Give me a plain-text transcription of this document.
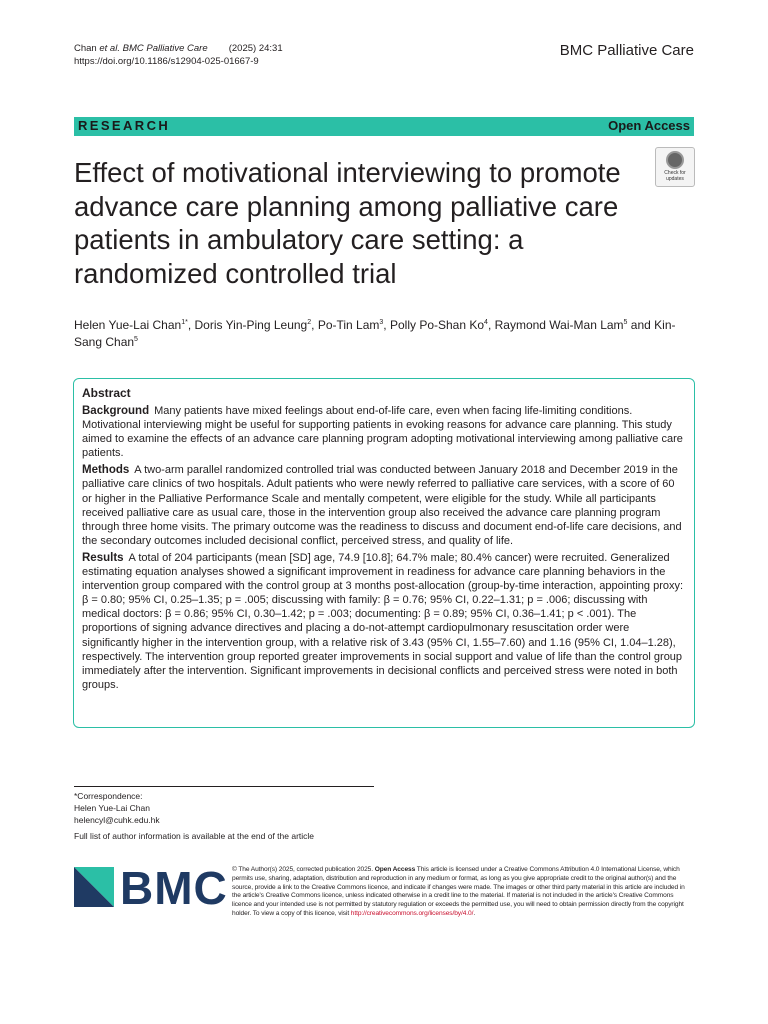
Chan et al. BMC Palliative Care (2025) 24:31
https://doi.org/10.1186/s12904-025-01667-9
BMC Palliative Care
RESEARCH	Open Access
Check for updates
Effect of motivational interviewing to promote advance care planning among palliative care patients in ambulatory care setting: a randomized controlled trial
Helen Yue-Lai Chan$^{1*}$, Doris Yin-Ping Leung$^2$, Po-Tin Lam$^3$, Polly Po-Shan Ko$^4$, Raymond Wai-Man Lam$^5$ and Kin-Sang Chan$^5$
Abstract

Background Many patients have mixed feelings about end-of-life care, even when facing life-limiting conditions. Motivational interviewing might be useful for supporting patients in evoking reasons for advance care planning. This study aimed to examine the effects of an advance care planning program adopting motivational interviewing among palliative care patients.

Methods A two-arm parallel randomized controlled trial was conducted between January 2018 and December 2019 in the palliative care clinics of two hospitals. Adult patients who were newly referred to palliative care services, with a score of 60 or higher in the Palliative Performance Scale and mentally competent, were eligible for the study. While all participants received palliative care as usual care, those in the intervention group also received the advance care planning program through three home visits. The primary outcome was the readiness to discuss and document end-of-life care decisions, and the secondary outcomes included decisional conflict, perceived stress, and quality of life.

Results A total of 204 participants (mean [SD] age, 74.9 [10.8]; 64.7% male; 80.4% cancer) were recruited. Generalized estimating equation analyses showed a significant improvement in readiness for advance care planning behaviors in the intervention group compared with the control group at 3 months post-allocation (group-by-time interaction, appointing proxy: β = 0.80; 95% CI, 0.25–1.35; p = .005; discussing with family: β = 0.76; 95% CI, 0.22–1.31; p = .006; discussing with medical doctors: β = 0.86; 95% CI, 0.30–1.42; p = .003; documenting: β = 0.89; 95% CI, 0.36–1.41; p < .001). The proportions of signing advance directives and placing a do-not-attempt cardiopulmonary resuscitation order were significantly higher in the intervention group, with a relative risk of 3.43 (95% CI, 1.55–7.60) and 1.16 (95% CI, 1.04–1.28), respectively. The intervention group reported greater improvements in social support and value of life than the control group immediately after the intervention. Significant improvements in decisional conflicts and perceived stress were noted in both groups.

*Correspondence:
Helen Yue-Lai Chan
helencyl@cuhk.edu.hk
Full list of author information is available at the end of the article
BMC © The Author(s) 2025, corrected publication 2025. Open Access This article is licensed under a Creative Commons Attribution 4.0 International License, which permits use, sharing, adaptation, distribution and reproduction in any medium or format, as long as you give appropriate credit to the original author(s) and the source, provide a link to the Creative Commons licence, and indicate if changes were made. The images or other third party material in this article are included in the article's Creative Commons licence, unless indicated otherwise in a credit line to the material. If material is not included in the article's Creative Commons licence and your intended use is not permitted by statutory regulation or exceeds the permitted use, you will need to obtain permission directly from the copyright holder. To view a copy of this licence, visit http://creativecommons.org/licenses/by/4.0/.
